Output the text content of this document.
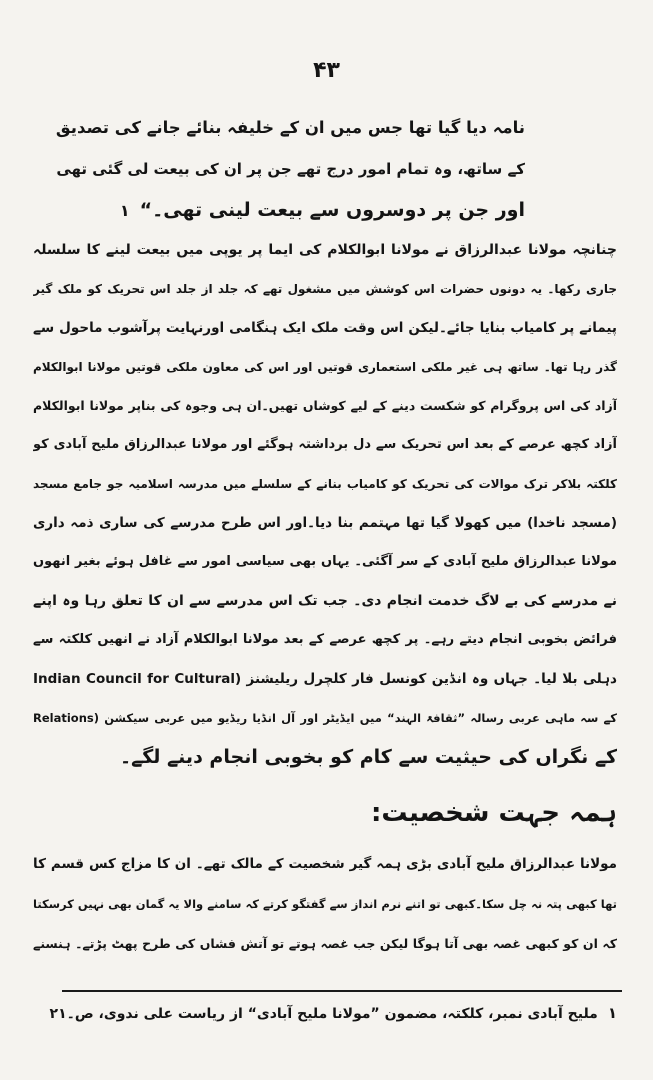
۴۳
نامہ دیا گیا تھا جس میں ان کے خلیفہ بنائے جانے کی تصدیق
کے ساتھ، وہ تمام امور درج تھے جن پر ان کی بیعت لی گئی تھی
اور جن پر دوسروں سے بیعت لینی تھی۔“۱
چنانچہ مولانا عبدالرزاق نے مولانا ابوالکلام کی ایما پر یوپی میں بیعت لینے کا سلسلہ
جاری رکھا۔ یہ دونوں حضرات اس کوشش میں مشغول تھے کہ جلد از جلد اس تحریک کو ملک گیر
پیمانے پر کامیاب بنایا جائے۔لیکن اس وقت ملک ایک ہنگامی اورنہایت پرآشوب ماحول سے
گذر رہا تھا۔ ساتھ ہی غیر ملکی استعماری قوتیں اور اس کی معاون ملکی قوتیں مولانا ابوالکلام
آزاد کی اس پروگرام کو شکست دینے کے لیے کوشاں تھیں۔ان ہی وجوہ کی بناپر مولانا ابوالکلام
آزاد کچھ عرصے کے بعد اس تحریک سے دل برداشتہ ہوگئے اور مولانا عبدالرزاق ملیح آبادی کو
کلکتہ بلاکر ترک موالات کی تحریک کو کامیاب بنانے کے سلسلے میں مدرسہ اسلامیہ جو جامع مسجد
(مسجد ناخدا) میں کھولا گیا تھا مہتمم بنا دیا۔اور اس طرح مدرسے کی ساری ذمہ داری
مولانا عبدالرزاق ملیح آبادی کے سر آگئی۔ یہاں بھی سیاسی امور سے غافل ہوئے بغیر انھوں
نے مدرسے کی بے لاگ خدمت انجام دی۔ جب تک اس مدرسے سے ان کا تعلق رہا وہ اپنے
فرائض بخوبی انجام دیتے رہے۔ پر کچھ عرصے کے بعد مولانا ابوالکلام آزاد نے انھیں کلکتہ سے
دہلی بلا لیا۔ جہاں وہ انڈین کونسل فار کلچرل ریلیشنز (Indian Council for Cultural
Relations) کے سہ ماہی عربی رسالہ ”ثقافۃ الہند“ میں ایڈیٹر اور آل انڈیا ریڈیو میں عربی سیکشن
کے نگراں کی حیثیت سے کام کو بخوبی انجام دینے لگے۔
ہمہ جہت شخصیت:
مولانا عبدالرزاق ملیح آبادی بڑی ہمہ گیر شخصیت کے مالک تھے۔ ان کا مزاج کس قسم کا
تھا کبھی پتہ نہ چل سکا۔کبھی تو اتنے نرم انداز سے گفتگو کرتے کہ سامنے والا یہ گمان بھی نہیں کرسکتا
کہ ان کو کبھی غصہ بھی آتا ہوگا لیکن جب غصہ ہوتے تو آتش فشاں کی طرح پھٹ پڑتے۔ ہنسنے
۱ملیح آبادی نمبر، کلکتہ، مضمون ”مولانا ملیح آبادی“ از ریاست علی ندوی، ص۔۲۱
